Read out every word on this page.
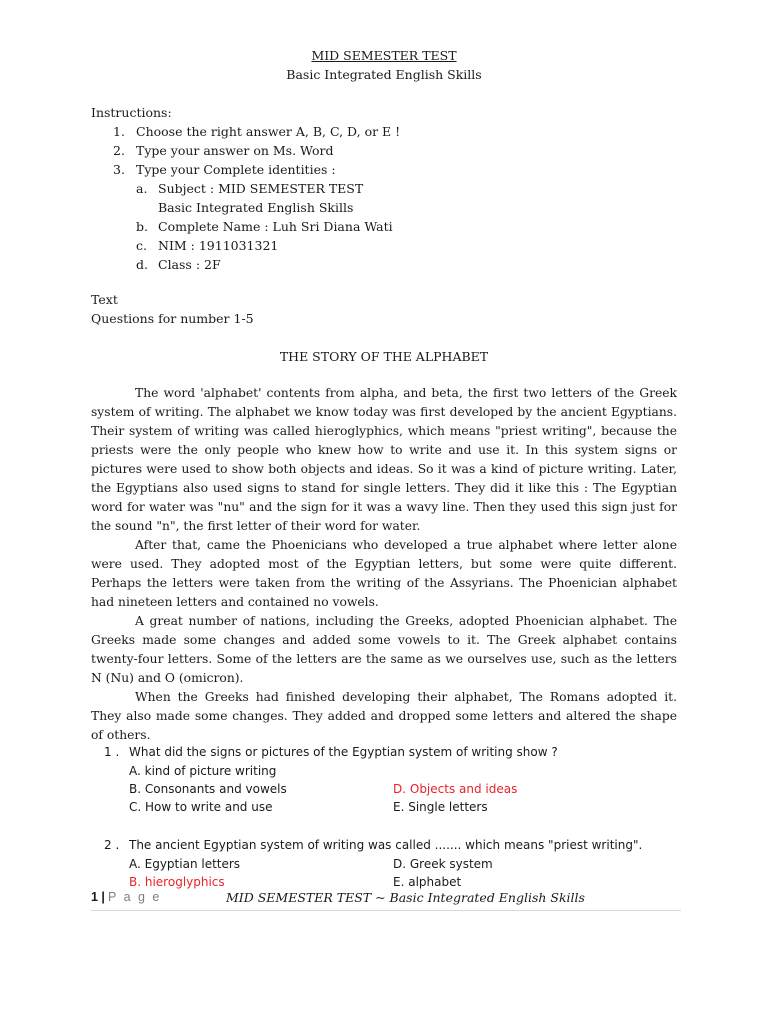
MID SEMESTER TEST
Basic Integrated English Skills
Instructions:
1. Choose the right answer A, B, C, D, or E !
2. Type your answer on Ms. Word
3. Type your Complete identities :
a. Subject : MID SEMESTER TEST
Basic Integrated English Skills
b. Complete Name : Luh Sri Diana Wati
c. NIM : 1911031321
d. Class : 2F
Text
Questions for number 1-5
THE STORY OF THE ALPHABET

The word 'alphabet' contents from alpha, and beta, the first two letters of the Greek system of writing. The alphabet we know today was first developed by the ancient Egyptians. Their system of writing was called hieroglyphics, which means "priest writing", because the priests were the only people who knew how to write and use it. In this system signs or pictures were used to show both objects and ideas. So it was a kind of picture writing. Later, the Egyptians also used signs to stand for single letters. They did it like this : The Egyptian word for water was "nu" and the sign for it was a wavy line. Then they used this sign just for the sound "n", the first letter of their word for water.

After that, came the Phoenicians who developed a true alphabet where letter alone were used. They adopted most of the Egyptian letters, but some were quite different. Perhaps the letters were taken from the writing of the Assyrians. The Phoenician alphabet had nineteen letters and contained no vowels.

A great number of nations, including the Greeks, adopted Phoenician alphabet. The Greeks made some changes and added some vowels to it. The Greek alphabet contains twenty-four letters. Some of the letters are the same as we ourselves use, such as the letters N (Nu) and O (omicron).

When the Greeks had finished developing their alphabet, The Romans adopted it. They also made some changes. They added and dropped some letters and altered the shape of others.

1 . What did the signs or pictures of the Egyptian system of writing show ?
A. kind of picture writing
B. Consonants and vowels	D. Objects and ideas
C. How to write and use	E. Single letters
2 . The ancient Egyptian system of writing was called ....... which means "priest writing".
A. Egyptian letters	D. Greek system
B. hieroglyphics	E. alphabet
1 | P a g e	MID SEMESTER TEST ~ Basic Integrated English Skills
